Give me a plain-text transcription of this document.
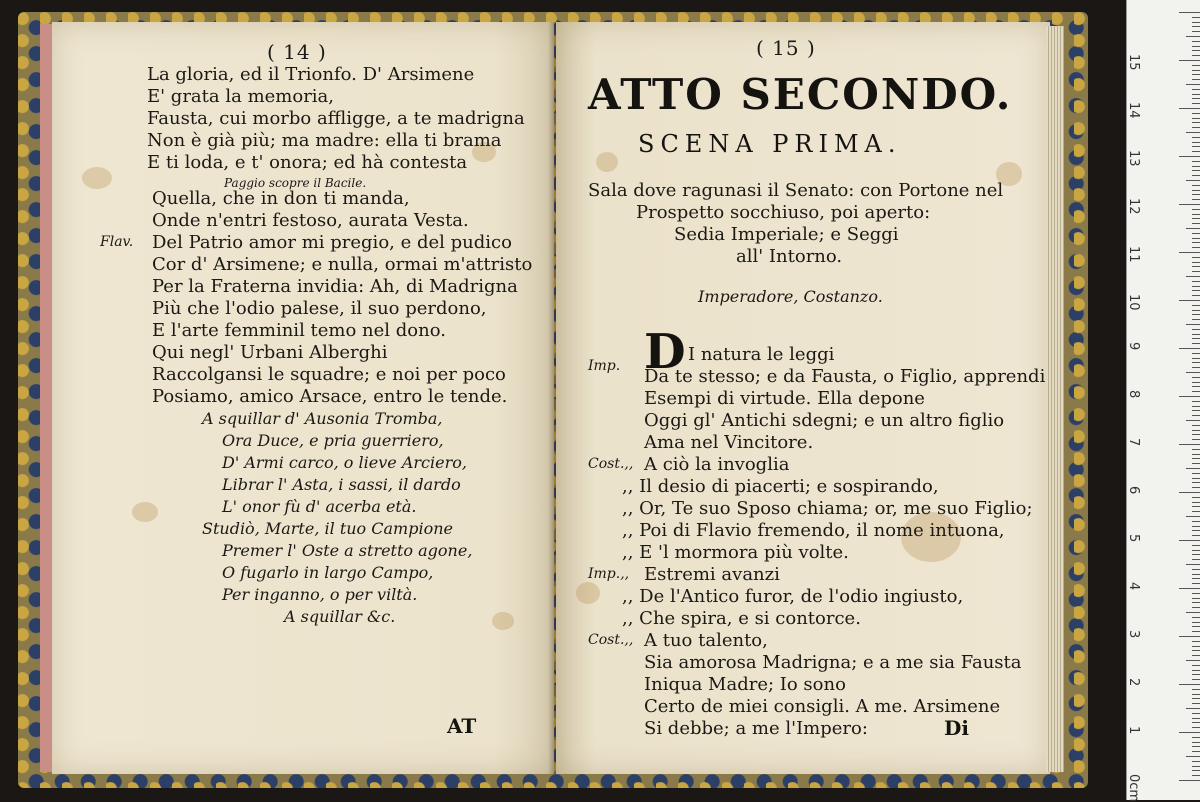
( 14 )
La gloria, ed il Trionfo. D' Arsimene
E' grata la memoria,
Fausta, cui morbo affligge, a te madrigna
Non è già più; ma madre: ella ti brama
E ti loda, e t' onora; ed hà contesta
Paggio scopre il Bacile.
Quella, che in don ti manda,
Onde n'entri festoso, aurata Vesta.
Flav. Del Patrio amor mi pregio, e del pudico
Cor d' Arsimene; e nulla, ormai m'attristo
Per la Fraterna invidia: Ah, di Madrigna
Più che l'odio palese, il suo perdono,
E l'arte femminil temo nel dono.
Qui negl' Urbani Alberghi
Raccolgansi le squadre; e noi per poco
Posiamo, amico Arsace, entro le tende.
A squillar d' Ausonia Tromba,
Ora Duce, e pria guerriero,
D' Armi carco, o lieve Arciero,
Librar l' Asta, i sassi, il dardo
L' onor fù d' acerba età.
Studiò, Marte, il tuo Campione
Premer l' Oste a stretto agone,
O fugarlo in largo Campo,
Per inganno, o per viltà.
A squillar &c.
AT
( 15 )
ATTO SECONDO.
SCENA PRIMA.
Sala dove ragunasi il Senato: con Portone nel
Prospetto socchiuso, poi aperto:
Sedia Imperiale; e Seggi
all' Intorno.
Imperadore, Costanzo.
Imp. D I natura le leggi
Da te stesso; e da Fausta, o Figlio, apprendi
Esempi di virtude. Ella depone
Oggi gl' Antichi sdegni; e un altro figlio
Ama nel Vincitore.
Cost.,, A ciò la invoglia
,, Il desio di piacerti; e sospirando,
,, Or, Te suo Sposo chiama; or, me suo Figlio;
,, Poi di Flavio fremendo, il nome intuona,
,, E 'l mormora più volte.
Imp.,, Estremi avanzi
,, De l'Antico furor, de l'odio ingiusto,
,, Che spira, e si contorce.
Cost.,, A tuo talento,
Sia amorosa Madrigna; e a me sia Fausta
Iniqua Madre; Io sono
Certo de miei consigli. A me. Arsimene
Si debbe; a me l'Impero:	Di
0cm
1
2
3
4
5
6
7
8
9
10
11
12
13
14
15
